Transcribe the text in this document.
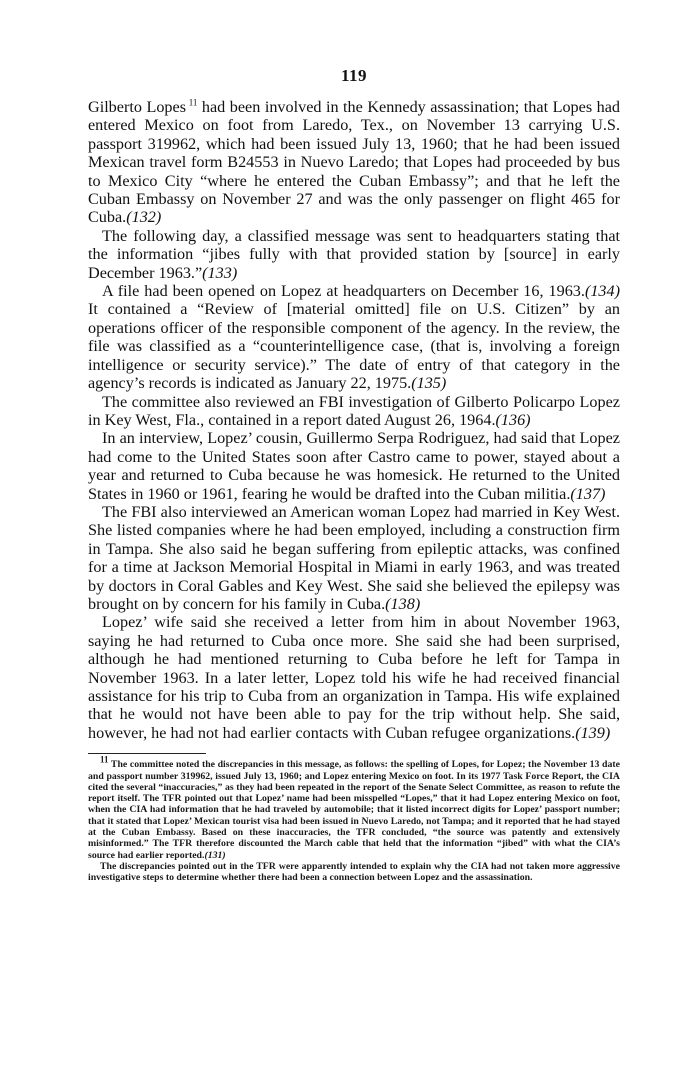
119

Gilberto Lopes $^{11}$ had been involved in the Kennedy assassination; that Lopes had entered Mexico on foot from Laredo, Tex., on November 13 carrying U.S. passport 319962, which had been issued July 13, 1960; that he had been issued Mexican travel form B24553 in Nuevo Laredo; that Lopes had proceeded by bus to Mexico City “where he entered the Cuban Embassy”; and that he left the Cuban Embassy on November 27 and was the only passenger on flight 465 for Cuba.(132)

The following day, a classified message was sent to headquarters stating that the information “jibes fully with that provided station by [source] in early December 1963.”(133)

A file had been opened on Lopez at headquarters on December 16, 1963.(134) It contained a “Review of [material omitted] file on U.S. Citizen” by an operations officer of the responsible component of the agency. In the review, the file was classified as a “counterintelligence case, (that is, involving a foreign intelligence or security service).” The date of entry of that category in the agency’s records is indicated as January 22, 1975.(135)

The committee also reviewed an FBI investigation of Gilberto Policarpo Lopez in Key West, Fla., contained in a report dated August 26, 1964.(136)

In an interview, Lopez’ cousin, Guillermo Serpa Rodriguez, had said that Lopez had come to the United States soon after Castro came to power, stayed about a year and returned to Cuba because he was homesick. He returned to the United States in 1960 or 1961, fearing he would be drafted into the Cuban militia.(137)

The FBI also interviewed an American woman Lopez had married in Key West. She listed companies where he had been employed, including a construction firm in Tampa. She also said he began suffering from epileptic attacks, was confined for a time at Jackson Memorial Hospital in Miami in early 1963, and was treated by doctors in Coral Gables and Key West. She said she believed the epilepsy was brought on by concern for his family in Cuba.(138)

Lopez’ wife said she received a letter from him in about November 1963, saying he had returned to Cuba once more. She said she had been surprised, although he had mentioned returning to Cuba before he left for Tampa in November 1963. In a later letter, Lopez told his wife he had received financial assistance for his trip to Cuba from an organization in Tampa. His wife explained that he would not have been able to pay for the trip without help. She said, however, he had not had earlier contacts with Cuban refugee organizations.(139)

$^{11}$ The committee noted the discrepancies in this message, as follows: the spelling of Lopes, for Lopez; the November 13 date and passport number 319962, issued July 13, 1960; and Lopez entering Mexico on foot. In its 1977 Task Force Report, the CIA cited the several “inaccuracies,” as they had been repeated in the report of the Senate Select Committee, as reason to refute the report itself. The TFR pointed out that Lopez’ name had been misspelled “Lopes,” that it had Lopez entering Mexico on foot, when the CIA had information that he had traveled by automobile; that it listed incorrect digits for Lopez’ passport number; that it stated that Lopez’ Mexican tourist visa had been issued in Nuevo Laredo, not Tampa; and it reported that he had stayed at the Cuban Embassy. Based on these inaccuracies, the TFR concluded, “the source was patently and extensively misinformed.” The TFR therefore discounted the March cable that held that the information “jibed” with what the CIA’s source had earlier reported.(131)

The discrepancies pointed out in the TFR were apparently intended to explain why the CIA had not taken more aggressive investigative steps to determine whether there had been a connection between Lopez and the assassination.
